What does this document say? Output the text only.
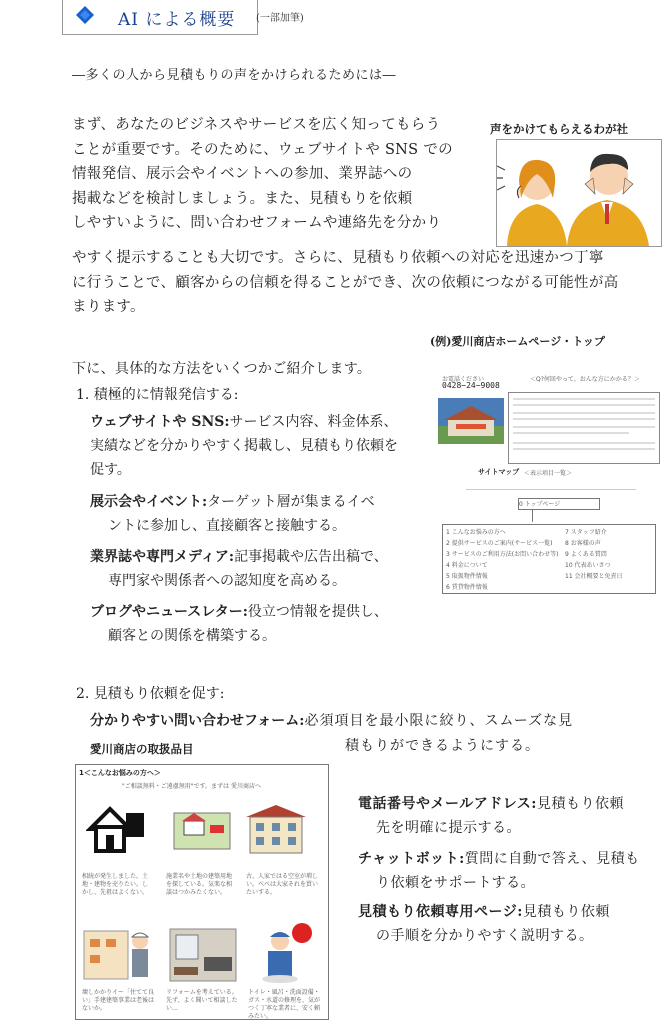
AI による概要 (一部加筆)
―多くの人から見積もりの声をかけられるためには―
まず、あなたのビジネスやサービスを広く知ってもらう
ことが重要です。そのために、ウェブサイトや SNS での
情報発信、展示会やイベントへの参加、業界誌への
掲載などを検討しましょう。また、見積もりを依頼
しやすいように、問い合わせフォームや連絡先を分かり
やすく提示することも大切です。さらに、見積もり依頼への対応を迅速かつ丁寧
に行うことで、顧客からの信頼を得ることができ、次の依頼につながる可能性が高
まります。
声をかけてもらえるわが社
(例)愛川商店ホームページ・トップ
お電話ください
0428−24−9008
＜Q?何回やって、おんな方にかかる？＞
サイトマップ ＜表示項目一覧＞
0 トップページ
1 こんなお悩みの方へ
2 提供サービスのご案内(サービス一覧)
3 サービスのご利用方法(お問い合わせ等)
4 料金について
5 取扱物件情報
6 賃貸物件情報
7 スタッフ紹介
8 お客様の声
9 よくある質問
10 代表あいさつ
11 会社概要と免責日
下に、具体的な方法をいくつかご紹介します。
1. 積極的に情報発信する:
ウェブサイトや SNS:サービス内容、料金体系、
実績などを分かりやすく掲載し、見積もり依頼を
促す。
展示会やイベント:ターゲット層が集まるイベ
ントに参加し、直接顧客と接触する。
業界誌や専門メディア:記事掲載や広告出稿で、
専門家や関係者への認知度を高める。
ブログやニュースレター:役立つ情報を提供し、
顧客との関係を構築する。
2. 見積もり依頼を促す:
分かりやすい問い合わせフォーム:必須項目を最小限に絞り、スムーズな見
積もりができるようにする。
愛川商店の取扱品目
1＜こんなお悩みの方へ＞
"ご相談無料・ご遠慮無用"です。まずは 愛川商店へ
相続が発生しました。土地・建物を売りたい。しかし、先祖はよくない。
施業名や土地の建築用地を探している。気楽な相談はつかみたくない。
古、人家ではる空室が増しい。ベベは大家それを買いたいする。
壊しかかりイー「住てて良い」手建建築事業は老後はないか。
リフォームを考えている。先ず、よく聞いて相談したい…
トイレ・風呂・洗面設備・ガス・水道の修理を、気がつく丁寧な業者に、安く頼みたい。
電話番号やメールアドレス:見積もり依頼
先を明確に提示する。
チャットボット:質問に自動で答え、見積も
り依頼をサポートする。
見積もり依頼専用ページ:見積もり依頼
の手順を分かりやすく説明する。
